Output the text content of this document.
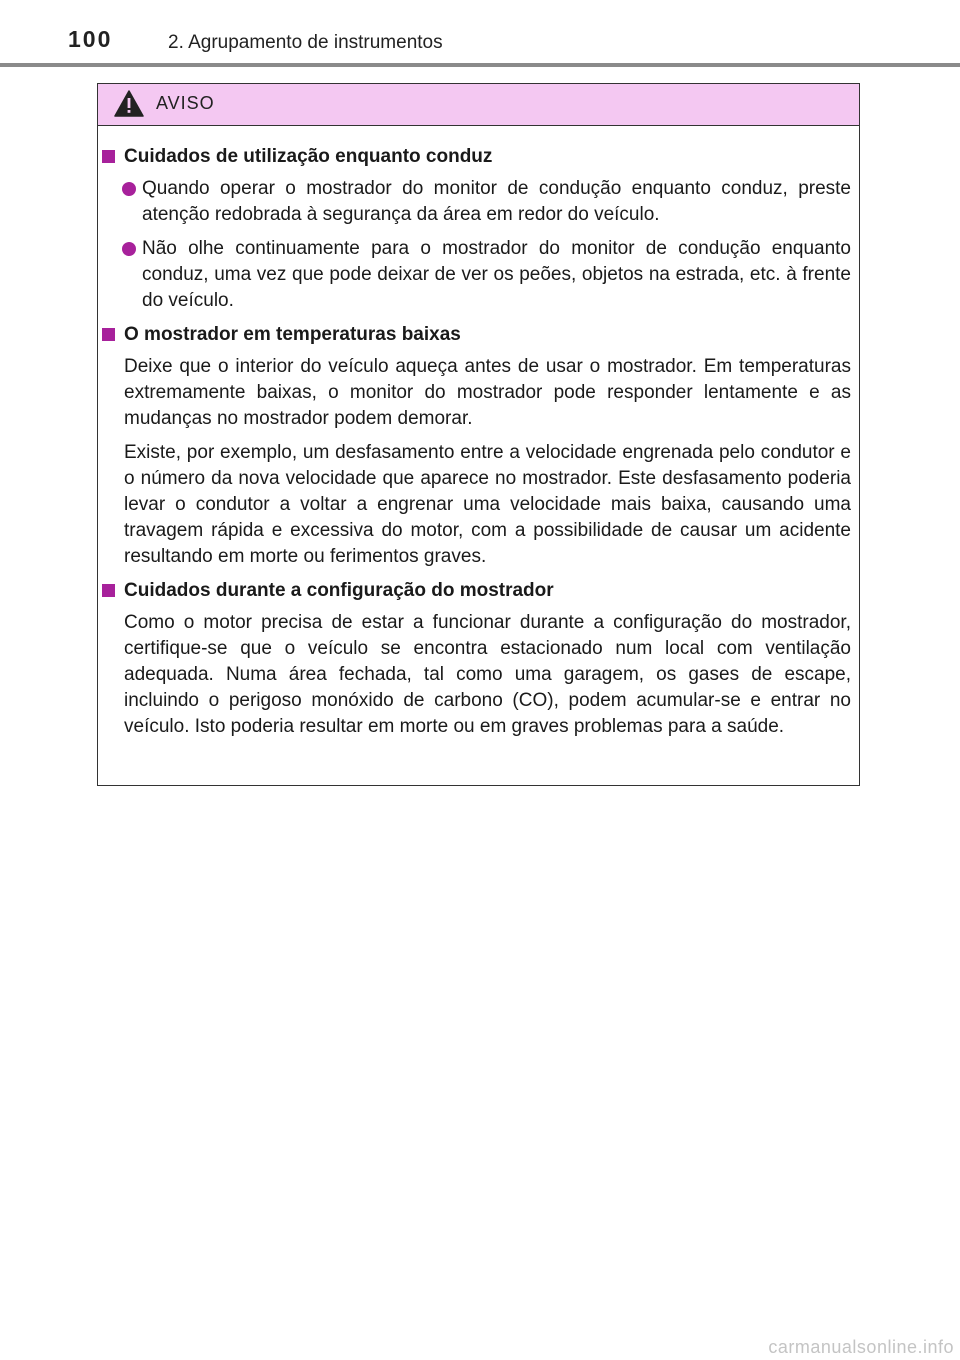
100	2. Agrupamento de instrumentos
AVISO
Cuidados de utilização enquanto conduz
Quando operar o mostrador do monitor de condução enquanto conduz, preste atenção redobrada à segurança da área em redor do veículo.
Não olhe continuamente para o mostrador do monitor de condução enquanto conduz, uma vez que pode deixar de ver os peões, objetos na estrada, etc. à frente do veículo.
O mostrador em temperaturas baixas

Deixe que o interior do veículo aqueça antes de usar o mostrador. Em temperaturas extremamente baixas, o monitor do mostrador pode responder lentamente e as mudanças no mostrador podem demorar.

Existe, por exemplo, um desfasamento entre a velocidade engrenada pelo condutor e o número da nova velocidade que aparece no mostrador. Este desfasamento poderia levar o condutor a voltar a engrenar uma velocidade mais baixa, causando uma travagem rápida e excessiva do motor, com a possibilidade de causar um acidente resultando em morte ou ferimentos graves.

Cuidados durante a configuração do mostrador

Como o motor precisa de estar a funcionar durante a configuração do mostrador, certifique-se que o veículo se encontra estacionado num local com ventilação adequada. Numa área fechada, tal como uma garagem, os gases de escape, incluindo o perigoso monóxido de carbono (CO), podem acumular-se e entrar no veículo. Isto poderia resultar em morte ou em graves problemas para a saúde.

carmanualsonline.info
